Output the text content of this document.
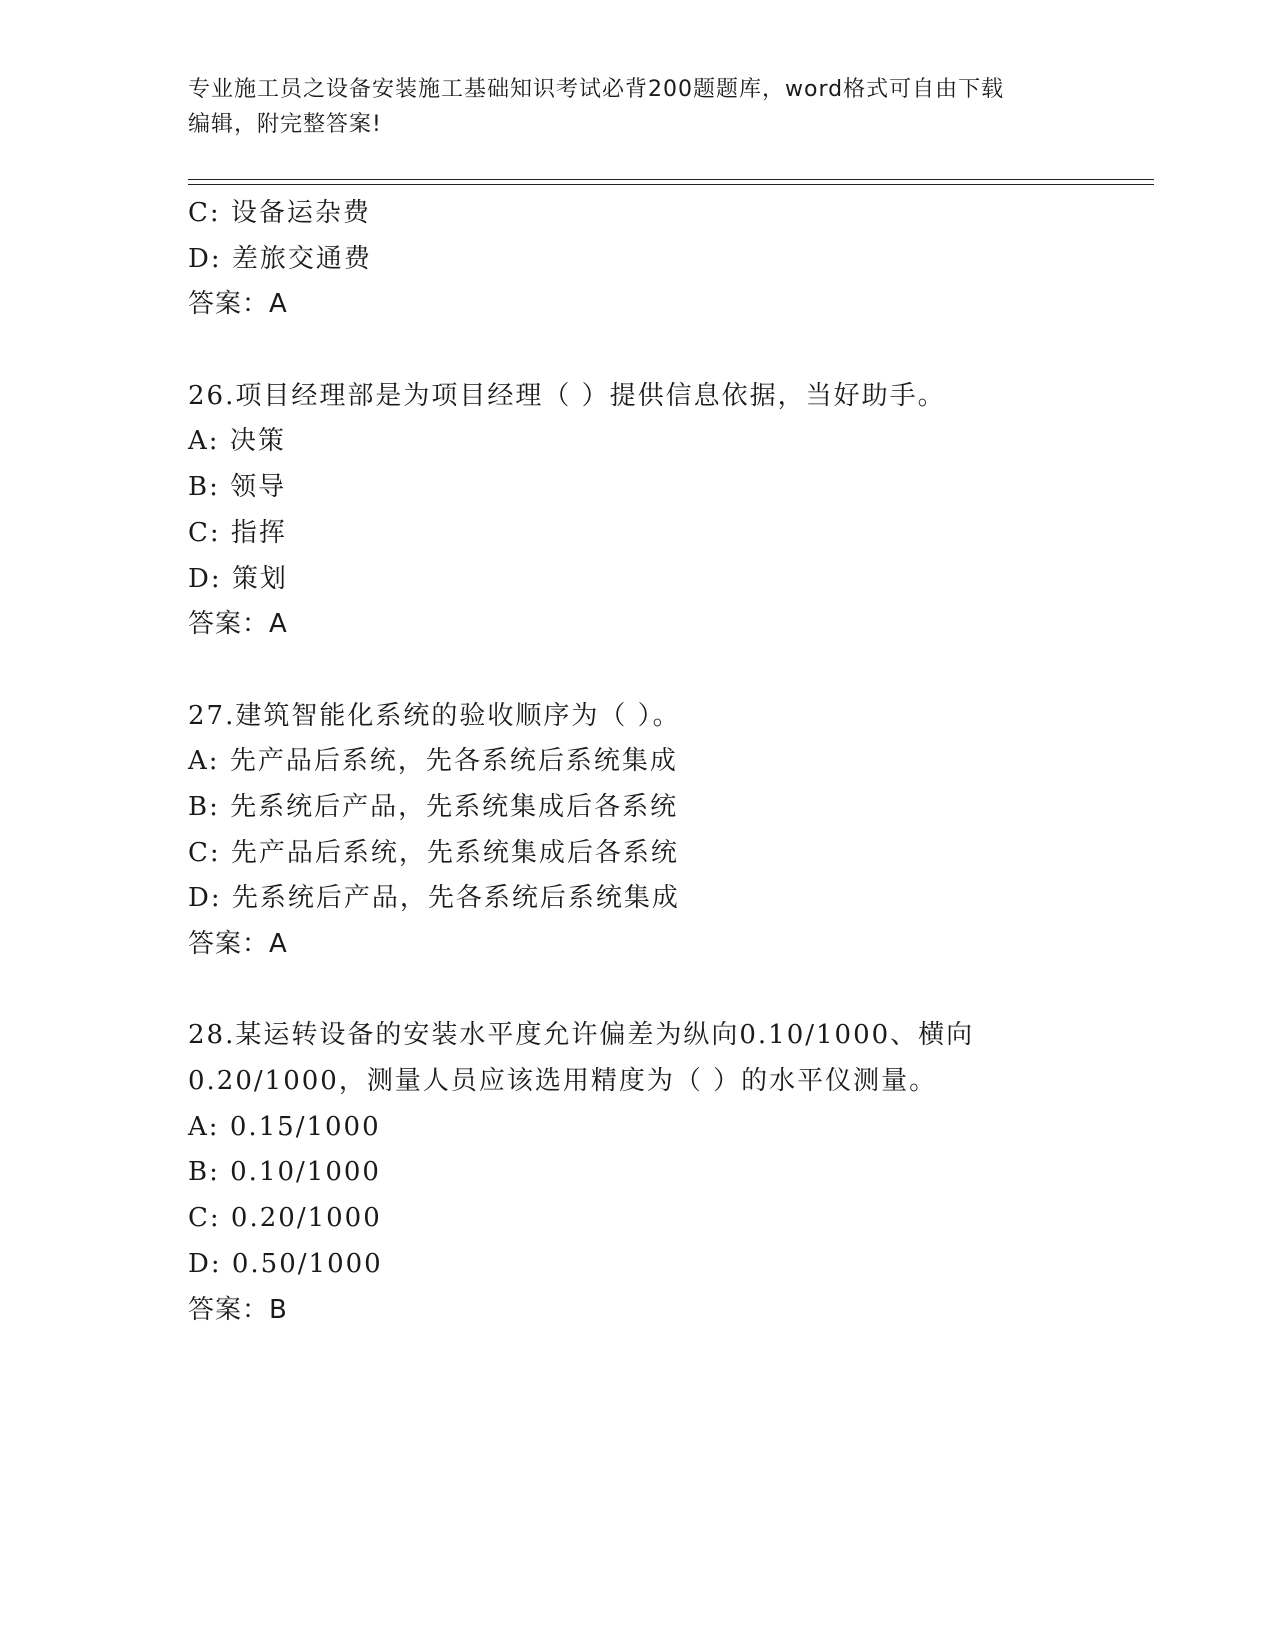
专业施工员之设备安装施工基础知识考试必背200题题库，word格式可自由下载
编辑，附完整答案!
C: 设备运杂费
D: 差旅交通费
答案：A
26.项目经理部是为项目经理（ ）提供信息依据，当好助手。
A: 决策
B: 领导
C: 指挥
D: 策划
答案：A
27.建筑智能化系统的验收顺序为（ ）。
A: 先产品后系统，先各系统后系统集成
B: 先系统后产品，先系统集成后各系统
C: 先产品后系统，先系统集成后各系统
D: 先系统后产品，先各系统后系统集成
答案：A
28.某运转设备的安装水平度允许偏差为纵向0.10/1000、横向
0.20/1000，测量人员应该选用精度为（ ）的水平仪测量。
A: 0.15/1000
B: 0.10/1000
C: 0.20/1000
D: 0.50/1000
答案：B
